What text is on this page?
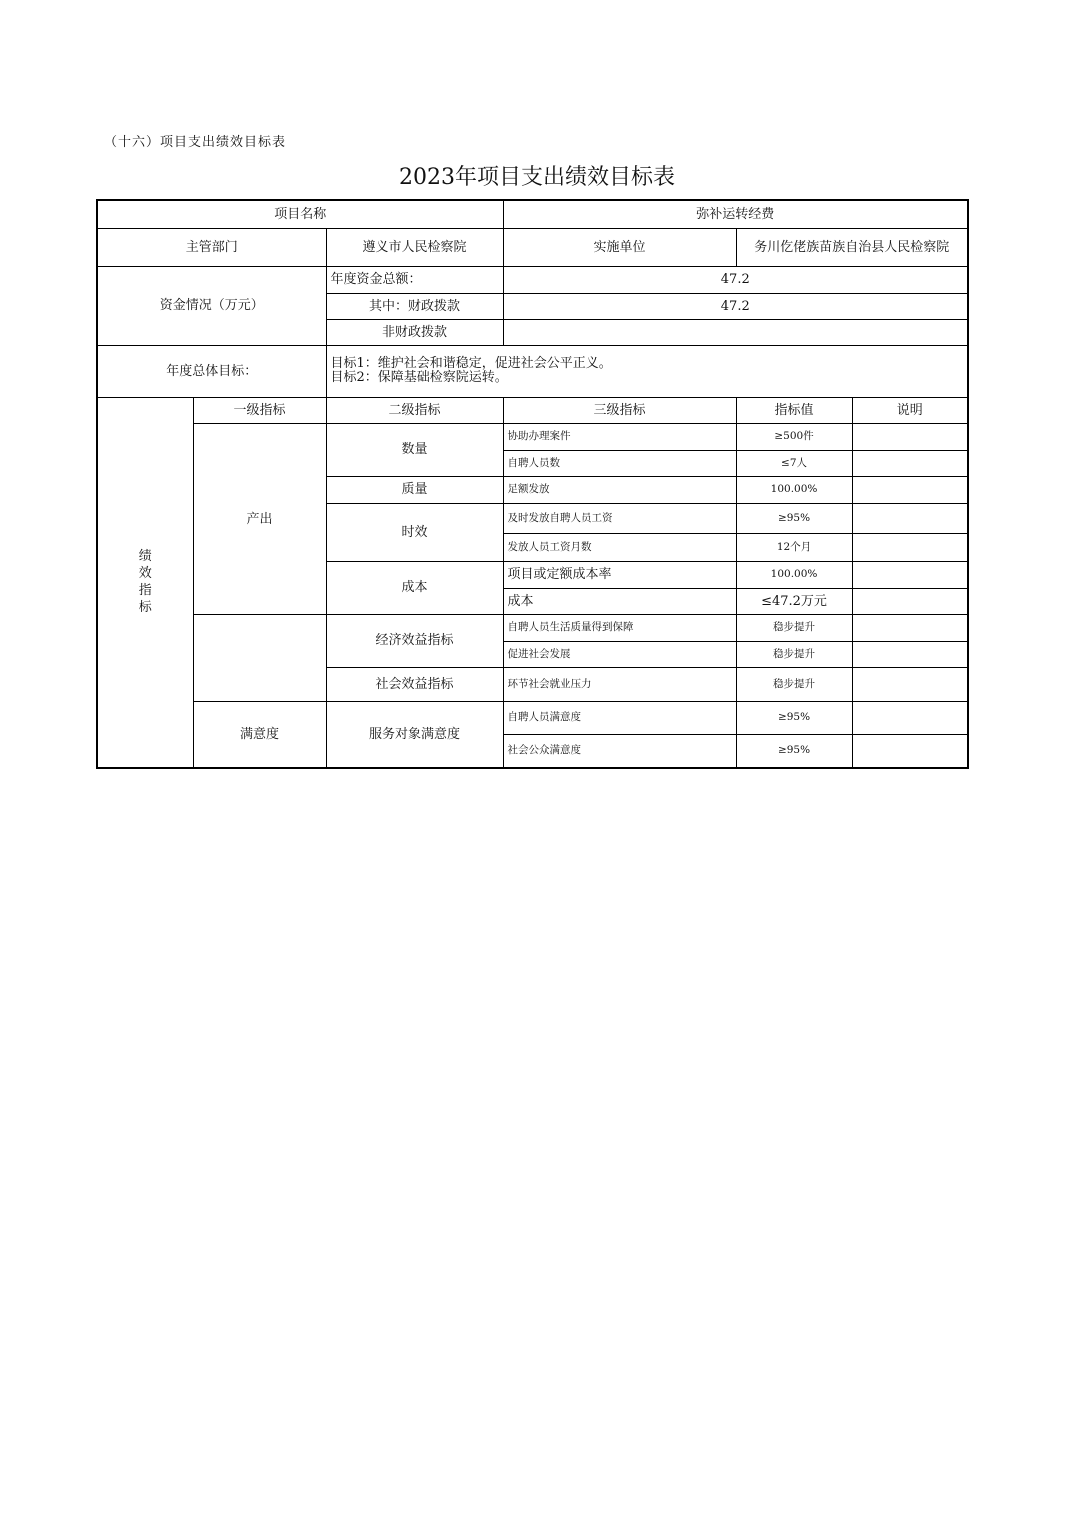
（十六）项目支出绩效目标表
2023年项目支出绩效目标表
项目名称			弥补运转经费		
主管部门		遵义市人民检察院	实施单位	务川仡佬族苗族自治县人民检察院	
资金情况（万元）		年度资金总额：	47.2		
		其中：财政拨款	47.2		
		非财政拨款			
年度总体目标：		目标1：维护社会和谐稳定，促进社会公平正义。
目标2：保障基础检察院运转。			

绩效指标	一级指标	二级指标	三级指标	指标值	说明
	产出	数量	协助办理案件	≥500件	
			自聘人员数	≤7人	
		质量	足额发放	100.00%	
		时效	及时发放自聘人员工资	≥95%	
			发放人员工资月数	12个月	
		成本	项目或定额成本率	100.00%	
			成本	≤47.2万元	
		经济效益指标	自聘人员生活质量得到保障	稳步提升	
			促进社会发展	稳步提升	
		社会效益指标	环节社会就业压力	稳步提升	
	满意度	服务对象满意度	自聘人员满意度	≥95%	
			社会公众满意度	≥95%	
